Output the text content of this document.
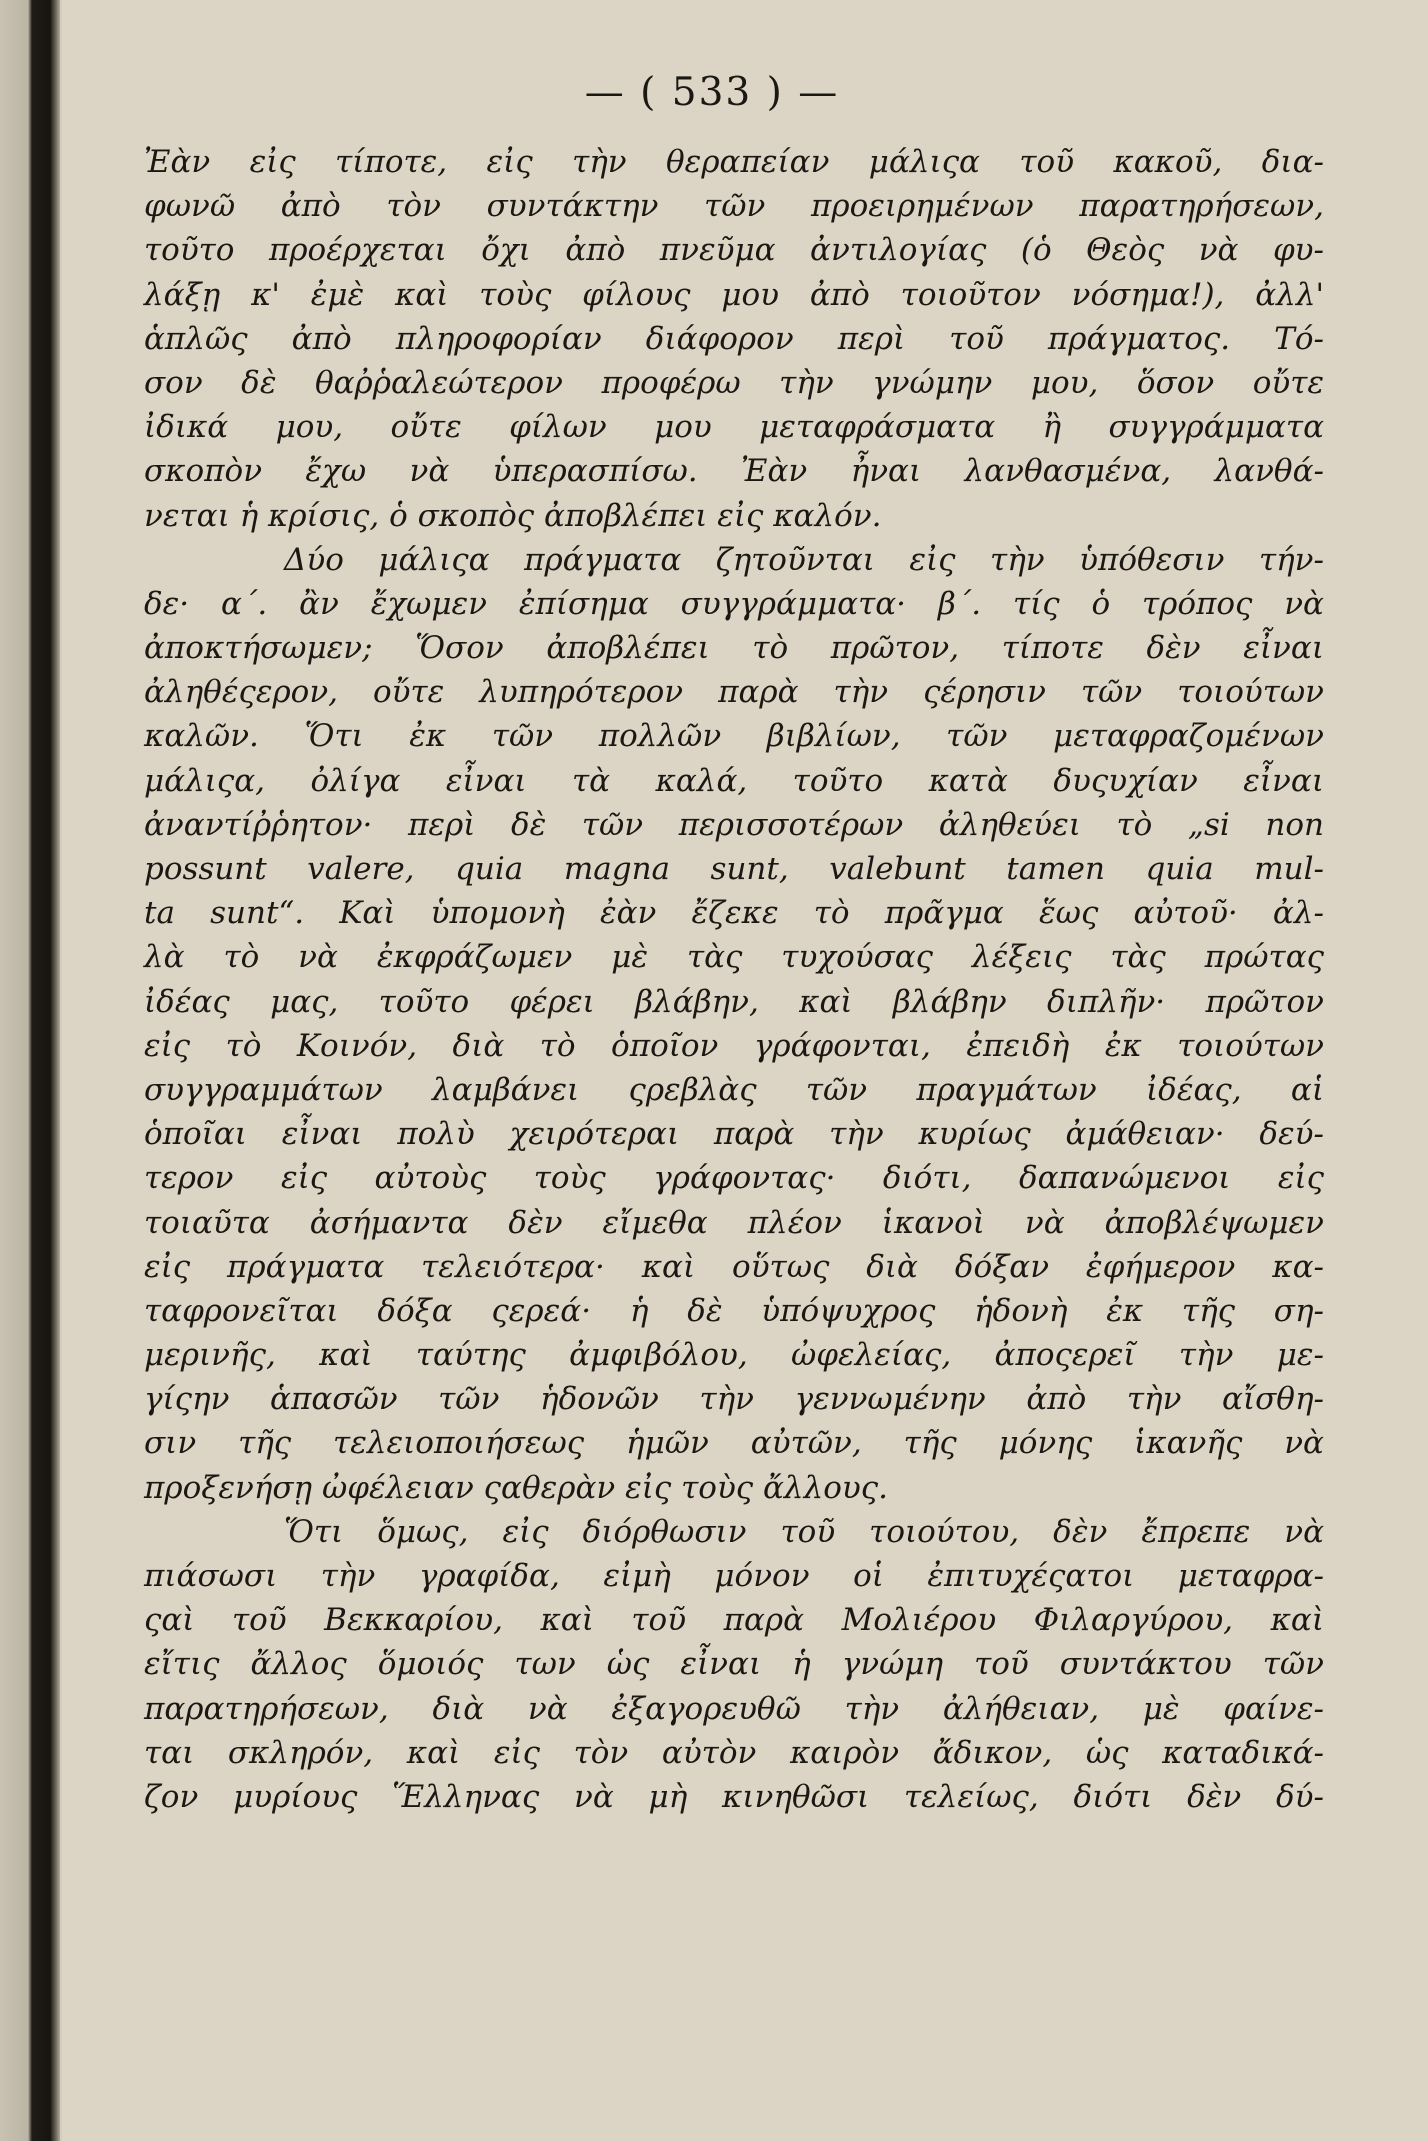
— ( 533 ) —
Ἐὰν εἰς τίποτε, εἰς τὴν θεραπείαν μάλιςα τοῦ κακοῦ, δια-
φωνῶ ἀπὸ τὸν συντάκτην τῶν προειρημένων παρατηρήσεων,
τοῦτο προέρχεται ὄχι ἀπὸ πνεῦμα ἀντιλογίας (ὁ Θεὸς νὰ φυ-
λάξῃ κ' ἐμὲ καὶ τοὺς φίλους μου ἀπὸ τοιοῦτον νόσημα!), ἀλλ'
ἁπλῶς ἀπὸ πληροφορίαν διάφορον περὶ τοῦ πράγματος. Τό-
σον δὲ θαῤῥαλεώτερον προφέρω τὴν γνώμην μου, ὅσον οὔτε
ἰδικά μου, οὔτε φίλων μου μεταφράσματα ἢ συγγράμματα
σκοπὸν ἔχω νὰ ὑπερασπίσω. Ἐὰν ἦναι λανθασμένα, λανθά-
νεται ἡ κρίσις, ὁ σκοπὸς ἀποβλέπει εἰς καλόν.
Δύο μάλιςα πράγματα ζητοῦνται εἰς τὴν ὑπόθεσιν τήν-
δε· α΄. ἂν ἔχωμεν ἐπίσημα συγγράμματα· β΄. τίς ὁ τρόπος νὰ
ἀποκτήσωμεν; Ὅσον ἀποβλέπει τὸ πρῶτον, τίποτε δὲν εἶναι
ἀληθέςερον, οὔτε λυπηρότερον παρὰ τὴν ςέρησιν τῶν τοιούτων
καλῶν. Ὅτι ἐκ τῶν πολλῶν βιβλίων, τῶν μεταφραζομένων
μάλιςα, ὀλίγα εἶναι τὰ καλά, τοῦτο κατὰ δυςυχίαν εἶναι
ἀναντίῤῥητον· περὶ δὲ τῶν περισσοτέρων ἀληθεύει τὸ „si non
possunt valere, quia magna sunt, valebunt tamen quia mul-
ta sunt“. Καὶ ὑπομονὴ ἐὰν ἔζεκε τὸ πρᾶγμα ἕως αὐτοῦ· ἀλ-
λὰ τὸ νὰ ἐκφράζωμεν μὲ τὰς τυχούσας λέξεις τὰς πρώτας
ἰδέας μας, τοῦτο φέρει βλάβην, καὶ βλάβην διπλῆν· πρῶτον
εἰς τὸ Κοινόν, διὰ τὸ ὁποῖον γράφονται, ἐπειδὴ ἐκ τοιούτων
συγγραμμάτων λαμβάνει ςρεβλὰς τῶν πραγμάτων ἰδέας, αἱ
ὁποῖαι εἶναι πολὺ χειρότεραι παρὰ τὴν κυρίως ἀμάθειαν· δεύ-
τερον εἰς αὐτοὺς τοὺς γράφοντας· διότι, δαπανώμενοι εἰς
τοιαῦτα ἀσήμαντα δὲν εἴμεθα πλέον ἱκανοὶ νὰ ἀποβλέψωμεν
εἰς πράγματα τελειότερα· καὶ οὕτως διὰ δόξαν ἐφήμερον κα-
ταφρονεῖται δόξα ςερεά· ἡ δὲ ὑπόψυχρος ἡδονὴ ἐκ τῆς ση-
μερινῆς, καὶ ταύτης ἀμφιβόλου, ὠφελείας, ἀποςερεῖ τὴν με-
γίςην ἁπασῶν τῶν ἡδονῶν τὴν γεννωμένην ἀπὸ τὴν αἴσθη-
σιν τῆς τελειοποιήσεως ἡμῶν αὐτῶν, τῆς μόνης ἱκανῆς νὰ
προξενήσῃ ὠφέλειαν ςαθερὰν εἰς τοὺς ἄλλους.
Ὅτι ὅμως, εἰς διόρθωσιν τοῦ τοιούτου, δὲν ἔπρεπε νὰ
πιάσωσι τὴν γραφίδα, εἰμὴ μόνον οἱ ἐπιτυχέςατοι μεταφρα-
ςαὶ τοῦ Βεκκαρίου, καὶ τοῦ παρὰ Μολιέρου Φιλαργύρου, καὶ
εἴτις ἄλλος ὅμοιός των ὡς εἶναι ἡ γνώμη τοῦ συντάκτου τῶν
παρατηρήσεων, διὰ νὰ ἐξαγορευθῶ τὴν ἀλήθειαν, μὲ φαίνε-
ται σκληρόν, καὶ εἰς τὸν αὐτὸν καιρὸν ἄδικον, ὡς καταδικά-
ζον μυρίους Ἕλληνας νὰ μὴ κινηθῶσι τελείως, διότι δὲν δύ-
